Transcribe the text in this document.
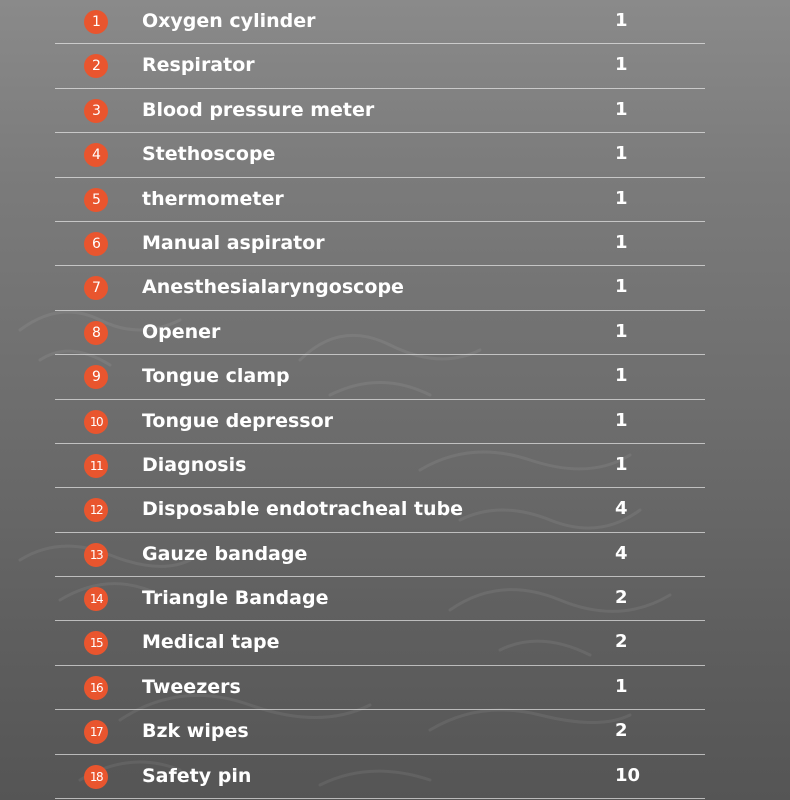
1	Oxygen cylinder	1
2	Respirator	1
3	Blood pressure meter	1
4	Stethoscope	1
5	thermometer	1
6	Manual aspirator	1
7	Anesthesialaryngoscope	1
8	Opener	1
9	Tongue clamp	1
10	Tongue depressor	1
11	Diagnosis	1
12	Disposable endotracheal tube	4
13	Gauze bandage	4
14	Triangle Bandage	2
15	Medical tape	2
16	Tweezers	1
17	Bzk wipes	2
18	Safety pin	10
